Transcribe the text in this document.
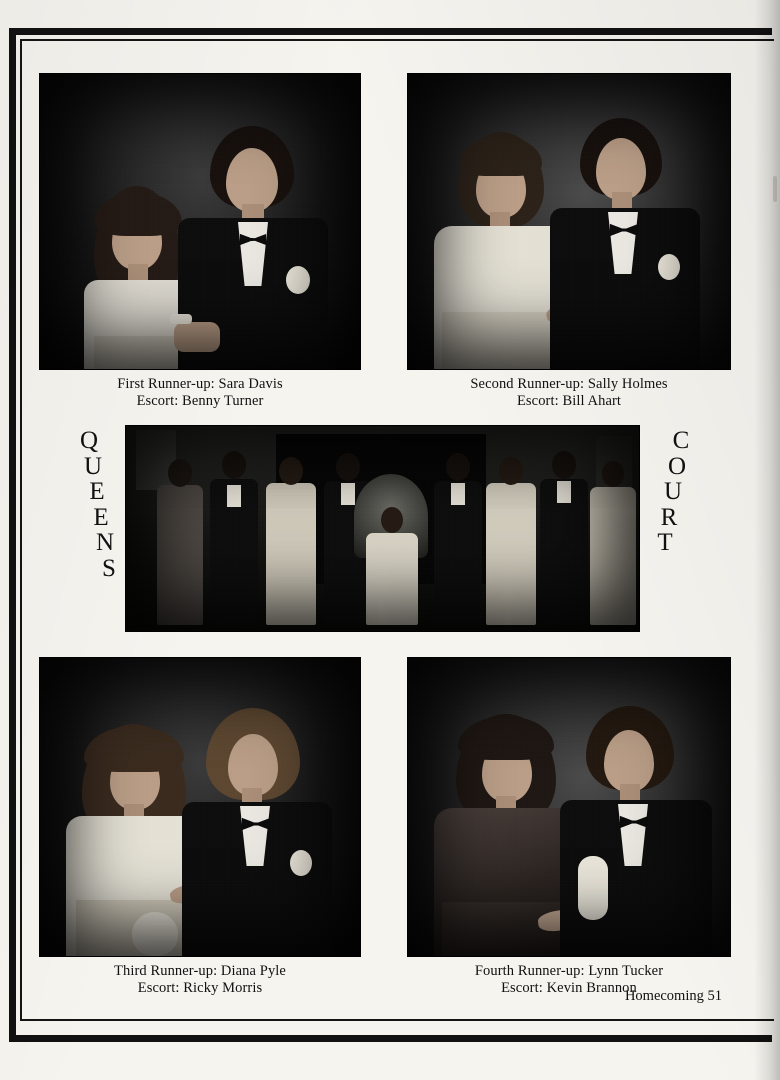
First Runner-up: Sara Davis
Escort: Benny Turner
Second Runner-up: Sally Holmes
Escort: Bill Ahart
Q
U
E
E
N
S
C
O
U
R
T
Third Runner-up: Diana Pyle
Escort: Ricky Morris
Fourth Runner-up: Lynn Tucker
Escort: Kevin Brannon
Homecoming 51
